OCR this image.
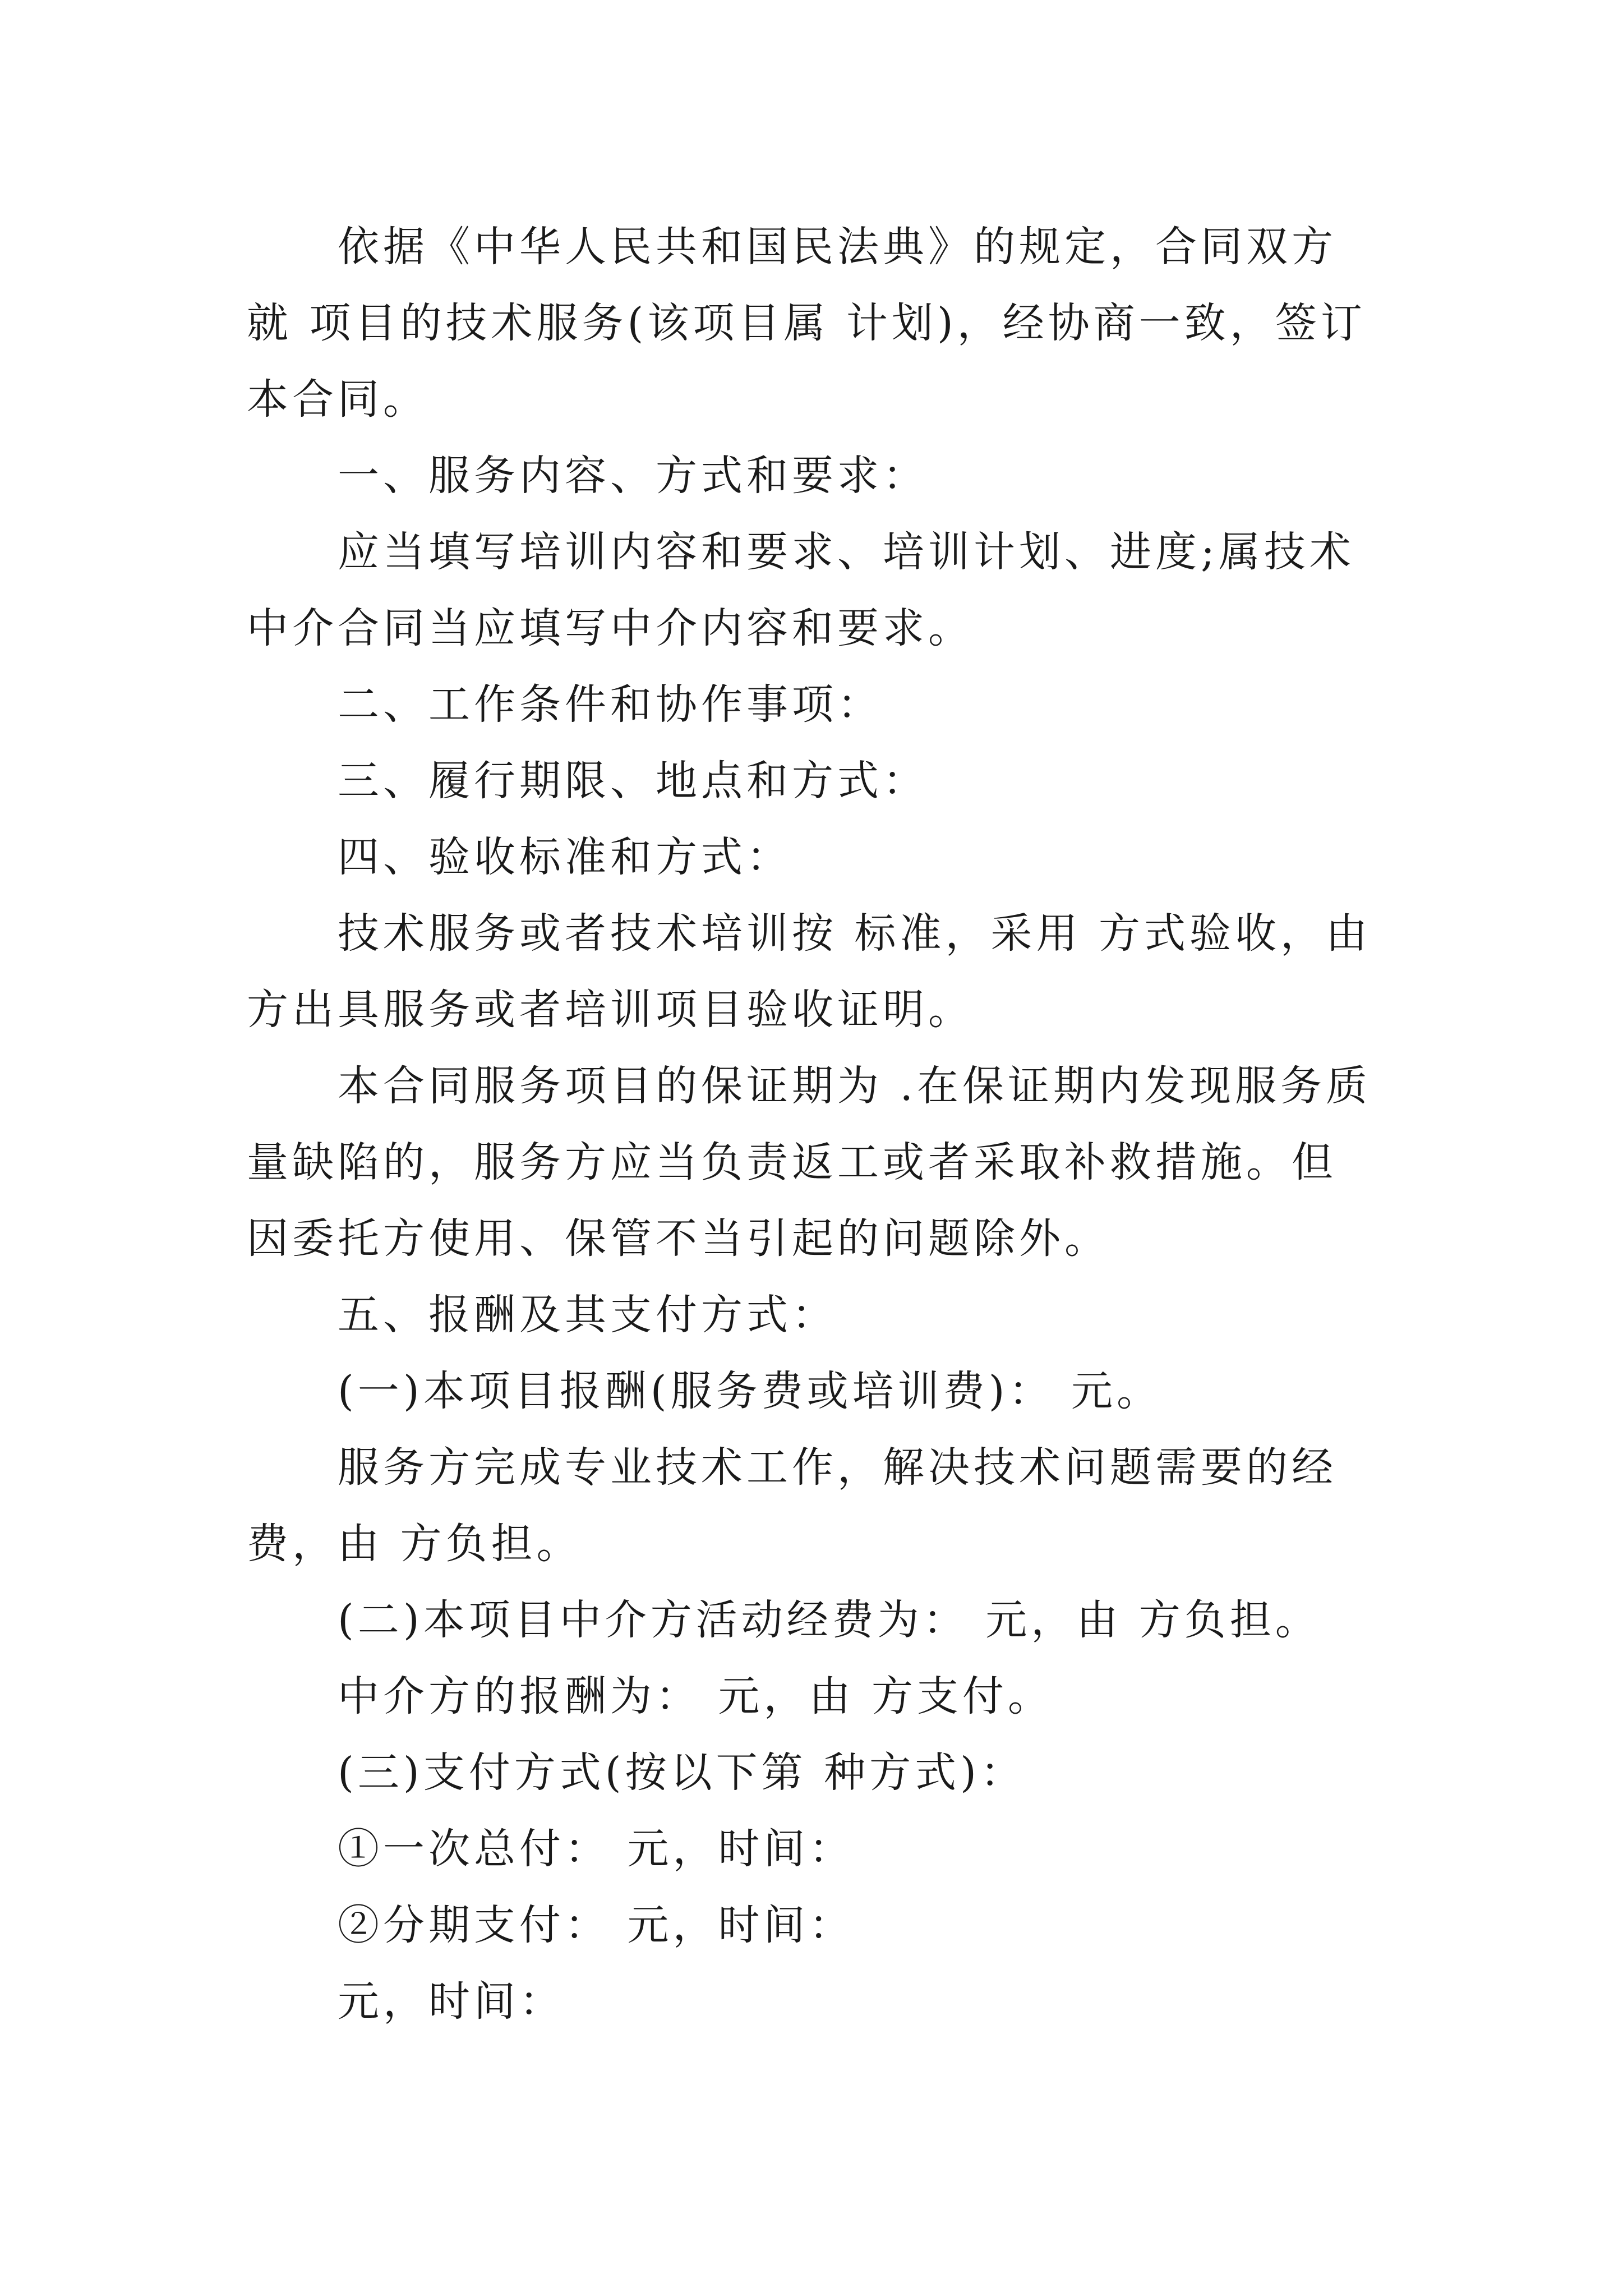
依据《中华人民共和国民法典》的规定，合同双方就 项目的技术服务(该项目属 计划)，经协商一致，签订本合同。

一、服务内容、方式和要求：

应当填写培训内容和要求、培训计划、进度;属技术中介合同当应填写中介内容和要求。

二、工作条件和协作事项：

三、履行期限、地点和方式：

四、验收标准和方式：

技术服务或者技术培训按 标准，采用 方式验收，由 方出具服务或者培训项目验收证明。

本合同服务项目的保证期为 .在保证期内发现服务质量缺陷的，服务方应当负责返工或者采取补救措施。但因委托方使用、保管不当引起的问题除外。

五、报酬及其支付方式：

(一)本项目报酬(服务费或培训费)： 元。

服务方完成专业技术工作，解决技术问题需要的经费，由 方负担。

(二)本项目中介方活动经费为： 元，由 方负担。

中介方的报酬为： 元，由 方支付。

(三)支付方式(按以下第 种方式)：

①一次总付： 元，时间：

②分期支付： 元，时间：

元，时间：
